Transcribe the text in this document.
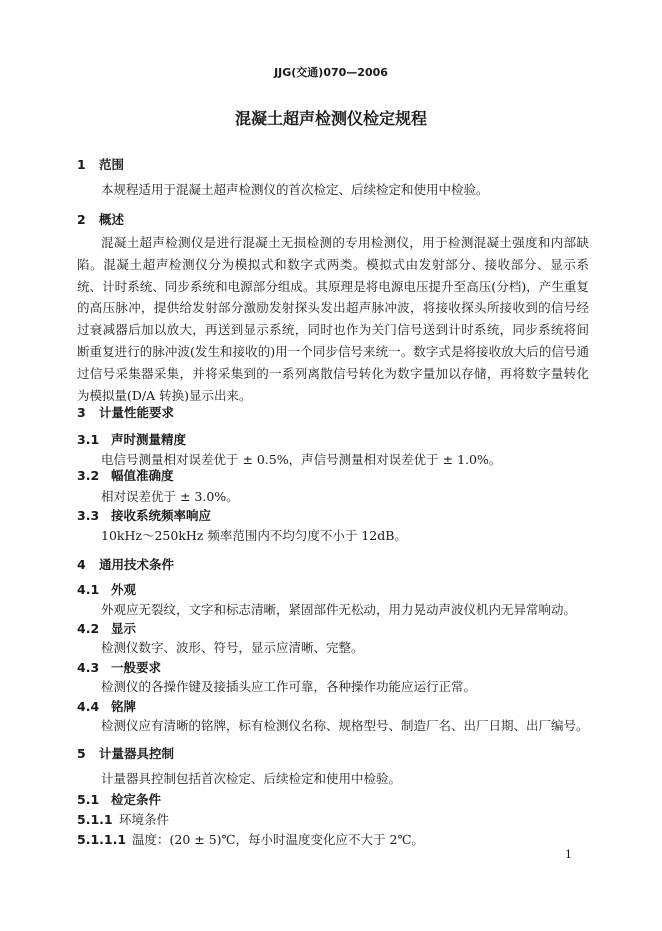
JJG(交通)070—2006
混凝土超声检测仪检定规程
1 范围
本规程适用于混凝土超声检测仪的首次检定、后续检定和使用中检验。
2 概述

混凝土超声检测仪是进行混凝土无损检测的专用检测仪，用于检测混凝土强度和内部缺陷。混凝土超声检测仪分为模拟式和数字式两类。模拟式由发射部分、接收部分、显示系统、计时系统、同步系统和电源部分组成。其原理是将电源电压提升至高压(分档)，产生重复的高压脉冲，提供给发射部分激励发射探头发出超声脉冲波，将接收探头所接收到的信号经过衰减器后加以放大，再送到显示系统，同时也作为关门信号送到计时系统，同步系统将间断重复进行的脉冲波(发生和接收的)用一个同步信号来统一。数字式是将接收放大后的信号通过信号采集器采集，并将采集到的一系列离散信号转化为数字量加以存储，再将数字量转化为模拟量(D/A 转换)显示出来。

3 计量性能要求
3.1 声时测量精度
电信号测量相对误差优于 ± 0.5%，声信号测量相对误差优于 ± 1.0%。
3.2 幅值准确度
相对误差优于 ± 3.0%。
3.3 接收系统频率响应
10kHz～250kHz 频率范围内不均匀度不小于 12dB。
4 通用技术条件
4.1 外观
外观应无裂纹，文字和标志清晰，紧固部件无松动，用力晃动声波仪机内无异常响动。
4.2 显示
检测仪数字、波形、符号，显示应清晰、完整。
4.3 一般要求
检测仪的各操作键及接插头应工作可靠，各种操作功能应运行正常。
4.4 铭牌
检测仪应有清晰的铭牌，标有检测仪名称、规格型号、制造厂名、出厂日期、出厂编号。
5 计量器具控制
计量器具控制包括首次检定、后续检定和使用中检验。
5.1 检定条件
5.1.1 环境条件
5.1.1.1 温度：(20 ± 5)℃，每小时温度变化应不大于 2℃。
1
